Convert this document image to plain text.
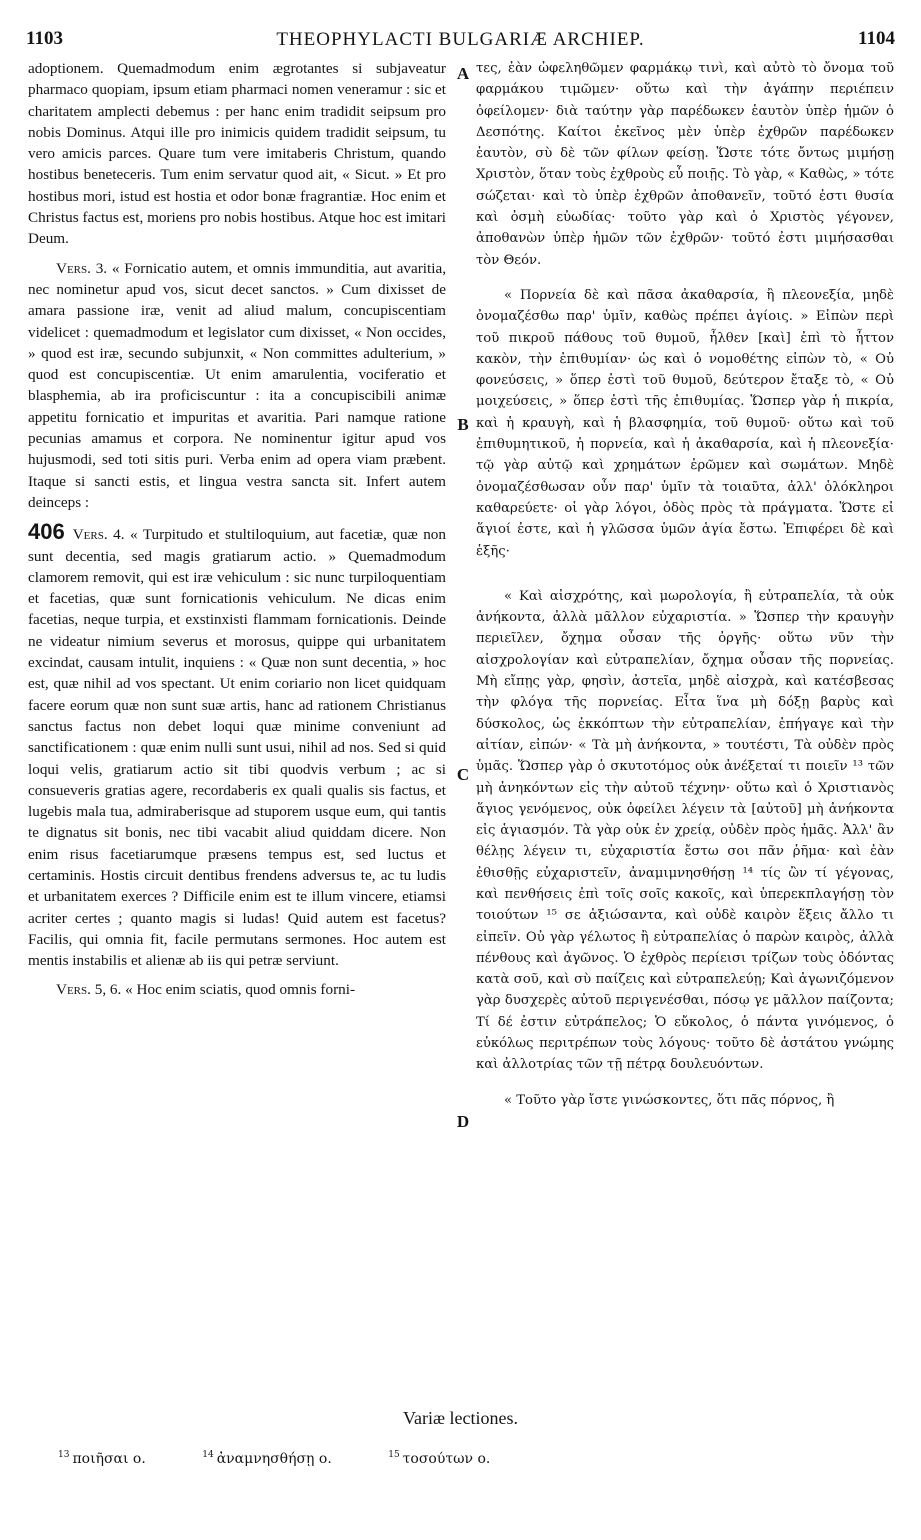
1103	THEOPHYLACTI BULGARIÆ ARCHIEP.	1104

adoptionem. Quemadmodum enim ægrotantes si subjaveatur pharmaco quopiam, ipsum etiam pharmaci nomen veneramur : sic et charitatem amplecti debemus : per hanc enim tradidit seipsum pro nobis Dominus. Atqui ille pro inimicis quidem tradidit seipsum, tu vero amicis parces. Quare tum vere imitaberis Christum, quando hostibus beneteceris. Tum enim servatur quod ait, « Sicut. » Et pro hostibus mori, istud est hostia et odor bonæ fragrantiæ. Hoc enim et Christus factus est, moriens pro nobis hostibus. Atque hoc est imitari Deum.

Vers. 3. « Fornicatio autem, et omnis immunditia, aut avaritia, nec nominetur apud vos, sicut decet sanctos. » Cum dixisset de amara passione iræ, venit ad aliud malum, concupiscentiam videlicet : quemadmodum et legislator cum dixisset, « Non occides, » quod est iræ, secundo subjunxit, « Non committes adulterium, » quod est concupiscentiæ. Ut enim amarulentia, vociferatio et blasphemia, ab ira proficiscuntur : ita a concupiscibili animæ appetitu fornicatio et impuritas et avaritia. Pari namque ratione pecunias amamus et corpora. Ne nominentur igitur apud vos hujusmodi, sed toti sitis puri. Verba enim ad opera viam præbent. Itaque si sancti estis, et lingua vestra sancta sit. Infert autem deinceps :

406 Vers. 4. « Turpitudo et stultiloquium, aut facetiæ, quæ non sunt decentia, sed magis gratiarum actio. » Quemadmodum clamorem removit, qui est iræ vehiculum : sic nunc turpiloquentiam et facetias, quæ sunt fornicationis vehiculum. Ne dicas enim facetias, neque turpia, et exstinxisti flammam fornicationis. Deinde ne videatur nimium severus et morosus, quippe qui urbanitatem excindat, causam intulit, inquiens : « Quæ non sunt decentia, » hoc est, quæ nihil ad vos spectant. Ut enim coriario non licet quidquam facere eorum quæ non sunt suæ artis, hanc ad rationem Christianus sanctus factus non debet loqui quæ minime conveniunt ad sanctificationem : quæ enim nulli sunt usui, nihil ad nos. Sed si quid loqui velis, gratiarum actio sit tibi quodvis verbum ; ac si consueveris gratias agere, recordaberis ex quali qualis sis factus, et lugebis mala tua, admiraberisque ad stuporem usque eum, qui tantis te dignatus sit bonis, nec tibi vacabit aliud quiddam dicere. Non enim risus facetiarumque præsens tempus est, sed luctus et certaminis. Hostis circuit dentibus frendens adversus te, ac tu ludis et urbanitatem exerces ? Difficile enim est te illum vincere, etiamsi acriter certes ; quanto magis si ludas! Quid autem est facetus? Facilis, qui omnia fit, facile permutans sermones. Hoc autem est mentis instabilis et alienæ ab iis qui petræ serviunt.

Vers. 5, 6. « Hoc enim sciatis, quod omnis forni-

A
B
C
D

τες, ἐὰν ὠφεληθῶμεν φαρμάκῳ τινὶ, καὶ αὐτὸ τὸ ὄνομα τοῦ φαρμάκου τιμῶμεν· οὕτω καὶ τὴν ἀγάπην περιέπειν ὀφείλομεν· διὰ ταύτην γὰρ παρέδωκεν ἑαυτὸν ὑπὲρ ἡμῶν ὁ Δεσπότης. Καίτοι ἐκεῖνος μὲν ὑπὲρ ἐχθρῶν παρέδωκεν ἑαυτὸν, σὺ δὲ τῶν φίλων φείσῃ. Ὥστε τότε ὄντως μιμήσῃ Χριστὸν, ὅταν τοὺς ἐχθροὺς εὖ ποιῇς. Τὸ γὰρ, « Καθὼς, » τότε σώζεται· καὶ τὸ ὑπὲρ ἐχθρῶν ἀποθανεῖν, τοῦτό ἐστι θυσία καὶ ὀσμὴ εὐωδίας· τοῦτο γὰρ καὶ ὁ Χριστὸς γέγονεν, ἀποθανὼν ὑπὲρ ἡμῶν τῶν ἐχθρῶν· τοῦτό ἐστι μιμήσασθαι τὸν Θεόν.

« Πορνεία δὲ καὶ πᾶσα ἀκαθαρσία, ἢ πλεονεξία, μηδὲ ὀνομαζέσθω παρ' ὑμῖν, καθὼς πρέπει ἁγίοις. » Εἰπὼν περὶ τοῦ πικροῦ πάθους τοῦ θυμοῦ, ἦλθεν [καὶ] ἐπὶ τὸ ἧττον κακὸν, τὴν ἐπιθυμίαν· ὡς καὶ ὁ νομοθέτης εἰπὼν τὸ, « Οὐ φονεύσεις, » ὅπερ ἐστὶ τοῦ θυμοῦ, δεύτερον ἔταξε τὸ, « Οὐ μοιχεύσεις, » ὅπερ ἐστὶ τῆς ἐπιθυμίας. Ὥσπερ γὰρ ἡ πικρία, καὶ ἡ κραυγὴ, καὶ ἡ βλασφημία, τοῦ θυμοῦ· οὕτω καὶ τοῦ ἐπιθυμητικοῦ, ἡ πορνεία, καὶ ἡ ἀκαθαρσία, καὶ ἡ πλεονεξία· τῷ γὰρ αὐτῷ καὶ χρημάτων ἐρῶμεν καὶ σωμάτων. Μηδὲ ὀνομαζέσθωσαν οὖν παρ' ὑμῖν τὰ τοιαῦτα, ἀλλ' ὁλόκληροι καθαρεύετε· οἱ γὰρ λόγοι, ὁδὸς πρὸς τὰ πράγματα. Ὥστε εἰ ἅγιοί ἐστε, καὶ ἡ γλῶσσα ὑμῶν ἁγία ἔστω. Ἐπιφέρει δὲ καὶ ἑξῆς·

« Καὶ αἰσχρότης, καὶ μωρολογία, ἢ εὐτραπελία, τὰ οὐκ ἀνήκοντα, ἀλλὰ μᾶλλον εὐχαριστία. » Ὥσπερ τὴν κραυγὴν περιεῖλεν, ὄχημα οὖσαν τῆς ὀργῆς· οὕτω νῦν τὴν αἰσχρολογίαν καὶ εὐτραπελίαν, ὄχημα οὖσαν τῆς πορνείας. Μὴ εἴπῃς γὰρ, φησὶν, ἀστεῖα, μηδὲ αἰσχρὰ, καὶ κατέσβεσας τὴν φλόγα τῆς πορνείας. Εἶτα ἵνα μὴ δόξῃ βαρὺς καὶ δύσκολος, ὡς ἐκκόπτων τὴν εὐτραπελίαν, ἐπήγαγε καὶ τὴν αἰτίαν, εἰπών· « Τὰ μὴ ἀνήκοντα, » τουτέστι, Τὰ οὐδὲν πρὸς ὑμᾶς. Ὥσπερ γὰρ ὁ σκυτοτόμος οὐκ ἀνέξεταί τι ποιεῖν ¹³ τῶν μὴ ἀνηκόντων εἰς τὴν αὐτοῦ τέχνην· οὕτω καὶ ὁ Χριστιανὸς ἅγιος γενόμενος, οὐκ ὀφείλει λέγειν τὰ [αὐτοῦ] μὴ ἀνήκοντα εἰς ἁγιασμόν. Τὰ γὰρ οὐκ ἐν χρείᾳ, οὐδὲν πρὸς ἡμᾶς. Ἀλλ' ἂν θέλῃς λέγειν τι, εὐχαριστία ἔστω σοι πᾶν ῥῆμα· καὶ ἐὰν ἐθισθῇς εὐχαριστεῖν, ἀναμιμνησθήσῃ ¹⁴ τίς ὢν τί γέγονας, καὶ πενθήσεις ἐπὶ τοῖς σοῖς κακοῖς, καὶ ὑπερεκπλαγήσῃ τὸν τοιούτων ¹⁵ σε ἀξιώσαντα, καὶ οὐδὲ καιρὸν ἕξεις ἄλλο τι εἰπεῖν. Οὐ γὰρ γέλωτος ἢ εὐτραπελίας ὁ παρὼν καιρὸς, ἀλλὰ πένθους καὶ ἀγῶνος. Ὁ ἐχθρὸς περίεισι τρίζων τοὺς ὀδόντας κατὰ σοῦ, καὶ σὺ παίζεις καὶ εὐτραπελεύῃ; Καὶ ἀγωνιζόμενον γὰρ δυσχερὲς αὐτοῦ περιγενέσθαι, πόσῳ γε μᾶλλον παίζοντα; Τί δέ ἐστιν εὐτράπελος; Ὁ εὔκολος, ὁ πάντα γινόμενος, ὁ εὐκόλως περιτρέπων τοὺς λόγους· τοῦτο δὲ ἀστάτου γνώμης καὶ ἀλλοτρίας τῶν τῇ πέτρᾳ δουλευόντων.

« Τοῦτο γὰρ ἴστε γινώσκοντες, ὅτι πᾶς πόρνος, ἢ

Variæ lectiones.
$^{13}$ ποιῆσαι ο.	$^{14}$ ἀναμνησθήσῃ ο.	$^{15}$ τοσούτων ο.
